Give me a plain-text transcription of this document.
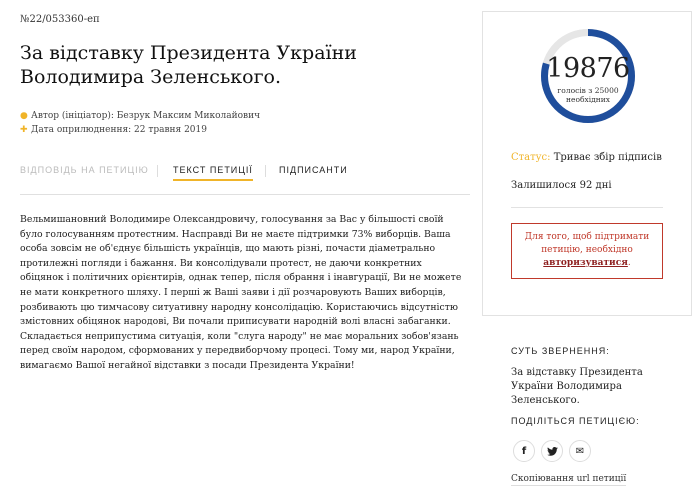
№22/053360-еп
За відставку Президента України Володимира Зеленського.
● Автор (ініціатор): Безрук Максим Миколайович
✚ Дата оприлюднення: 22 травня 2019
ВІДПОВІДЬ НА ПЕТИЦІЮ	ТЕКСТ ПЕТИЦІЇ	ПІДПИСАНТИ

Вельмишановний Володимире Олександровичу, голосування за Вас у більшості своїй було голосуванням протестним. Насправді Ви не маєте підтримки 73% виборців. Ваша особа зовсім не об'єднує більшість українців, що мають різні, почасти діаметрально протилежні погляди і бажання. Ви консолідували протест, не даючи конкретних обіцянок і політичних орієнтирів, однак тепер, після обрання і інавгурації, Ви не можете не мати конкретного шляху. І перші ж Ваші заяви і дії розчаровують Ваших виборців, розбивають цю тимчасову ситуативну народну консолідацію. Користаючись відсутністю змістовних обіцянок народові, Ви почали приписувати народній волі власні забаганки. Складається неприпустима ситуація, коли "слуга народу" не має моральних зобов'язань перед своїм народом, сформованих у передвиборчому процесі. Тому ми, народ України, вимагаємо Вашої негайної відставки з посади Президента України!

19876
голосів з 25000
необхідних
Статус: Триває збір підписів
Залишилося 92 дні
Для того, щоб підтримати петицію, необхідно
авторизуватися.
СУТЬ ЗВЕРНЕННЯ:
За відставку Президента України Володимира Зеленського.
ПОДІЛІТЬСЯ ПЕТИЦІЄЮ:
f	✉
Скопіювання url петиції
